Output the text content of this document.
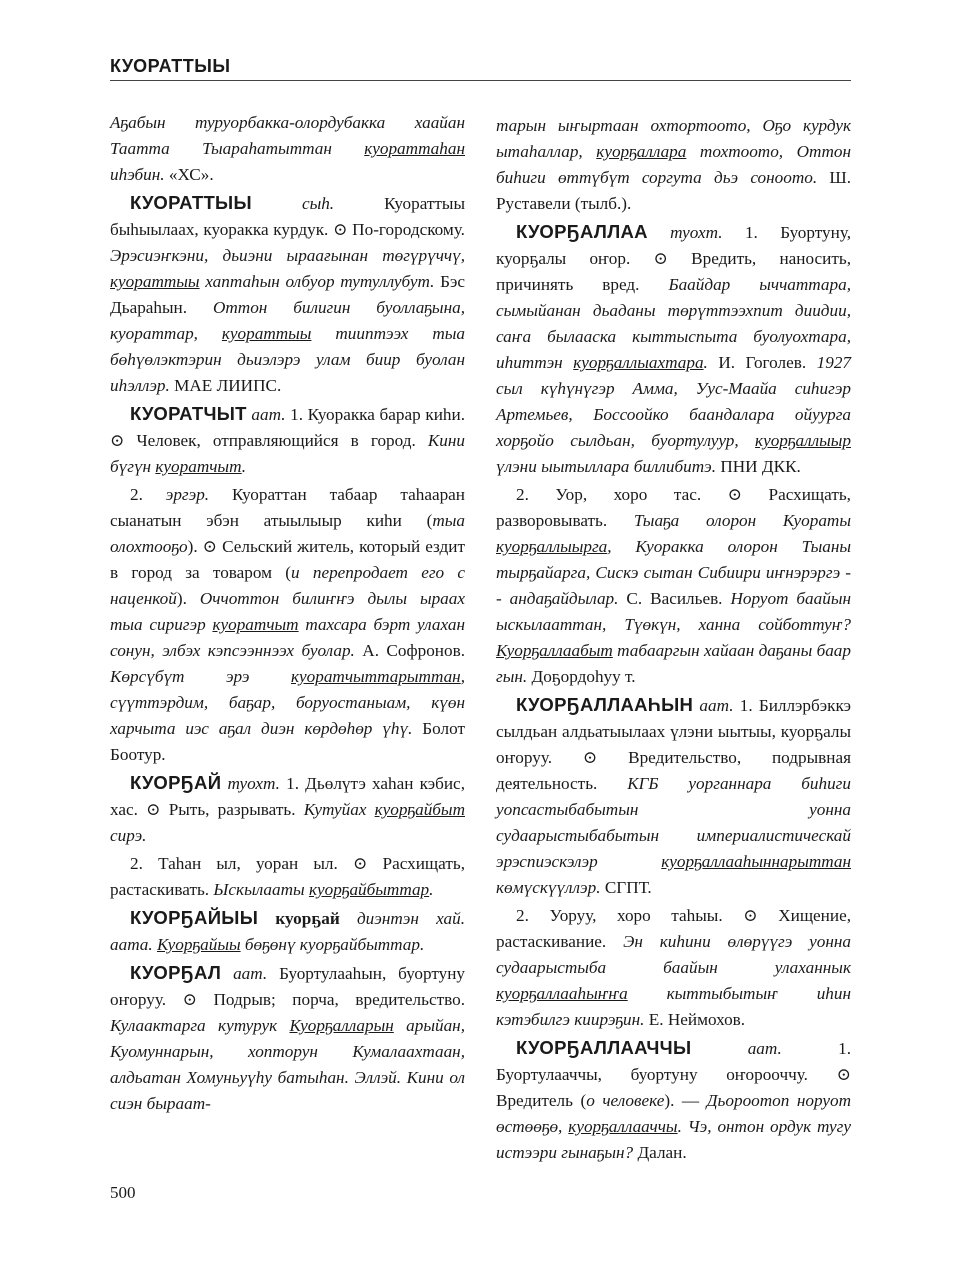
КУОРАТТЫЫ

Аҕабын туруорбакка-олордубакка хаайан Таатта Тыараһатыттан куораттаһан иһэбин. «ХС».

КУОРАТТЫЫ сыһ. Куораттыы быһыылаах, куоракка курдук. ⊙ По-городскому. Эрэсиэҥкэни, дьиэни ыраағынан төгүрүччү, куораттыы хаптаһын олбуор тутуллубут. Бэс Дьараһын. Оттон билигин буоллаҕына, куораттар, куораттыы тииптээх тыа бөһүөлэктэрин дьиэлэрэ улам биир буолан иһэллэр. МАЕ ЛИИПС.

КУОРАТЧЫТ аат. 1. Куоракка барар киһи. ⊙ Человек, отправляющийся в город. Кини бүгүн куоратчыт.

2. эргэр. Куораттан табаар таһааран сыанатын эбэн атыылыыр киһи (тыа олохтооҕо). ⊙ Сельский житель, который ездит в город за товаром (и перепродает его с наценкой). Оччоттон билиҥҥэ дылы ыраах тыа сиригэр куоратчыт тахсара бэрт улахан сонун, элбэх кэпсээннээх буолар. А. Софронов. Көрсүбүт эрэ куоратчыттарыттан, сүүттэрдим, баҕар, боруостаныам, күөн харчыта иэс аҕал диэн көрдөһөр үһү. Болот Боотур.

КУОРҔАЙ туохт. 1. Дьөлүтэ хаһан кэбис, хас. ⊙ Рыть, разрывать. Кутуйах куорҕайбыт сирэ.

2. Таһан ыл, уоран ыл. ⊙ Расхищать, растаскивать. Ыскылааты куорҕайбыттар.

КУОРҔАЙЫЫ куорҕай диэнтэн хай. аата. Куорҕайыы бөҕөнү куорҕайбыттар.

КУОРҔАЛ аат. Буортулааһын, буортуну оҥоруу. ⊙ Подрыв; порча, вредительство. Кулаактарга кутурук Куорҕалларын арыйан, Куомуннарын, хопторун Кумалаахтаан, алдьатан Хомуньуүһу батыһан. Эллэй. Кини ол сиэн быраат-

тарын ыҥыртаан охтортоото, Оҕо курдук ытаһаллар, куорҕаллара тохтоото, Оттон биһиги өттүбүт соргута дьэ соноото. Ш. Руставели (тылб.).

КУОРҔАЛЛАА туохт. 1. Буортуну, куорҕалы оҥор. ⊙ Вредить, наносить, причинять вред. Баайдар ыччаттара, сымыйанан дьаданы төрүттээхпит диидии, саҥа былааска кыттыспыта буолуохтара, иһиттэн куорҕаллыахтара. И. Гоголев. 1927 сыл күһүнүгэр Амма, Уус-Маайа сиһигэр Артемьев, Боссоойко баандалара ойуурга хорҕойо сылдьан, буортулуур, куорҕаллыыр үлэни ыытыллара биллибитэ. ПНИ ДКК.

2. Уор, хоро тас. ⊙ Расхищать, разворовывать. Тыаҕа олорон Куораты куорҕаллыырга, Куоракка олорон Тыаны тырҕайарга, Сискэ сытан Сибиири иҥнэрэргэ -- андаҕайдылар. С. Васильев. Норуот баайын ыскылааттан, Түөкүн, ханна сойботтуҥ? Куорҕаллаабыт табааргын хайаан даҕаны баар гын. Доҕордоһуу т.

КУОРҔАЛЛААҺЫН аат. 1. Биллэрбэккэ сылдьан алдьатыылаах үлэни ыытыы, куорҕалы оҥоруу. ⊙ Вредительство, подрывная деятельность. КГБ уорганнара биһиги уопсастыбабытын уонна судаарыстыбабытын империалистическай эрэспиэскэлэр куорҕаллааһыннарыттан көмүскүүллэр. СГПТ.

2. Уоруу, хоро таһыы. ⊙ Хищение, растаскивание. Эн киһини өлөрүүгэ уонна судаарыстыба баайын улаханнык куорҕаллааһыҥҥа кыттыбытыҥ иһин кэтэбилгэ киирэҕин. Е. Неймохов.

КУОРҔАЛЛААЧЧЫ аат. 1. Буортулааччы, буортуну оҥорооччу. ⊙ Вредитель (о человеке). — Дьороотоп норуот өстөөҕө, куорҕаллааччы. Чэ, онтон ордук тугу истээри гынаҕын? Далан.

500
